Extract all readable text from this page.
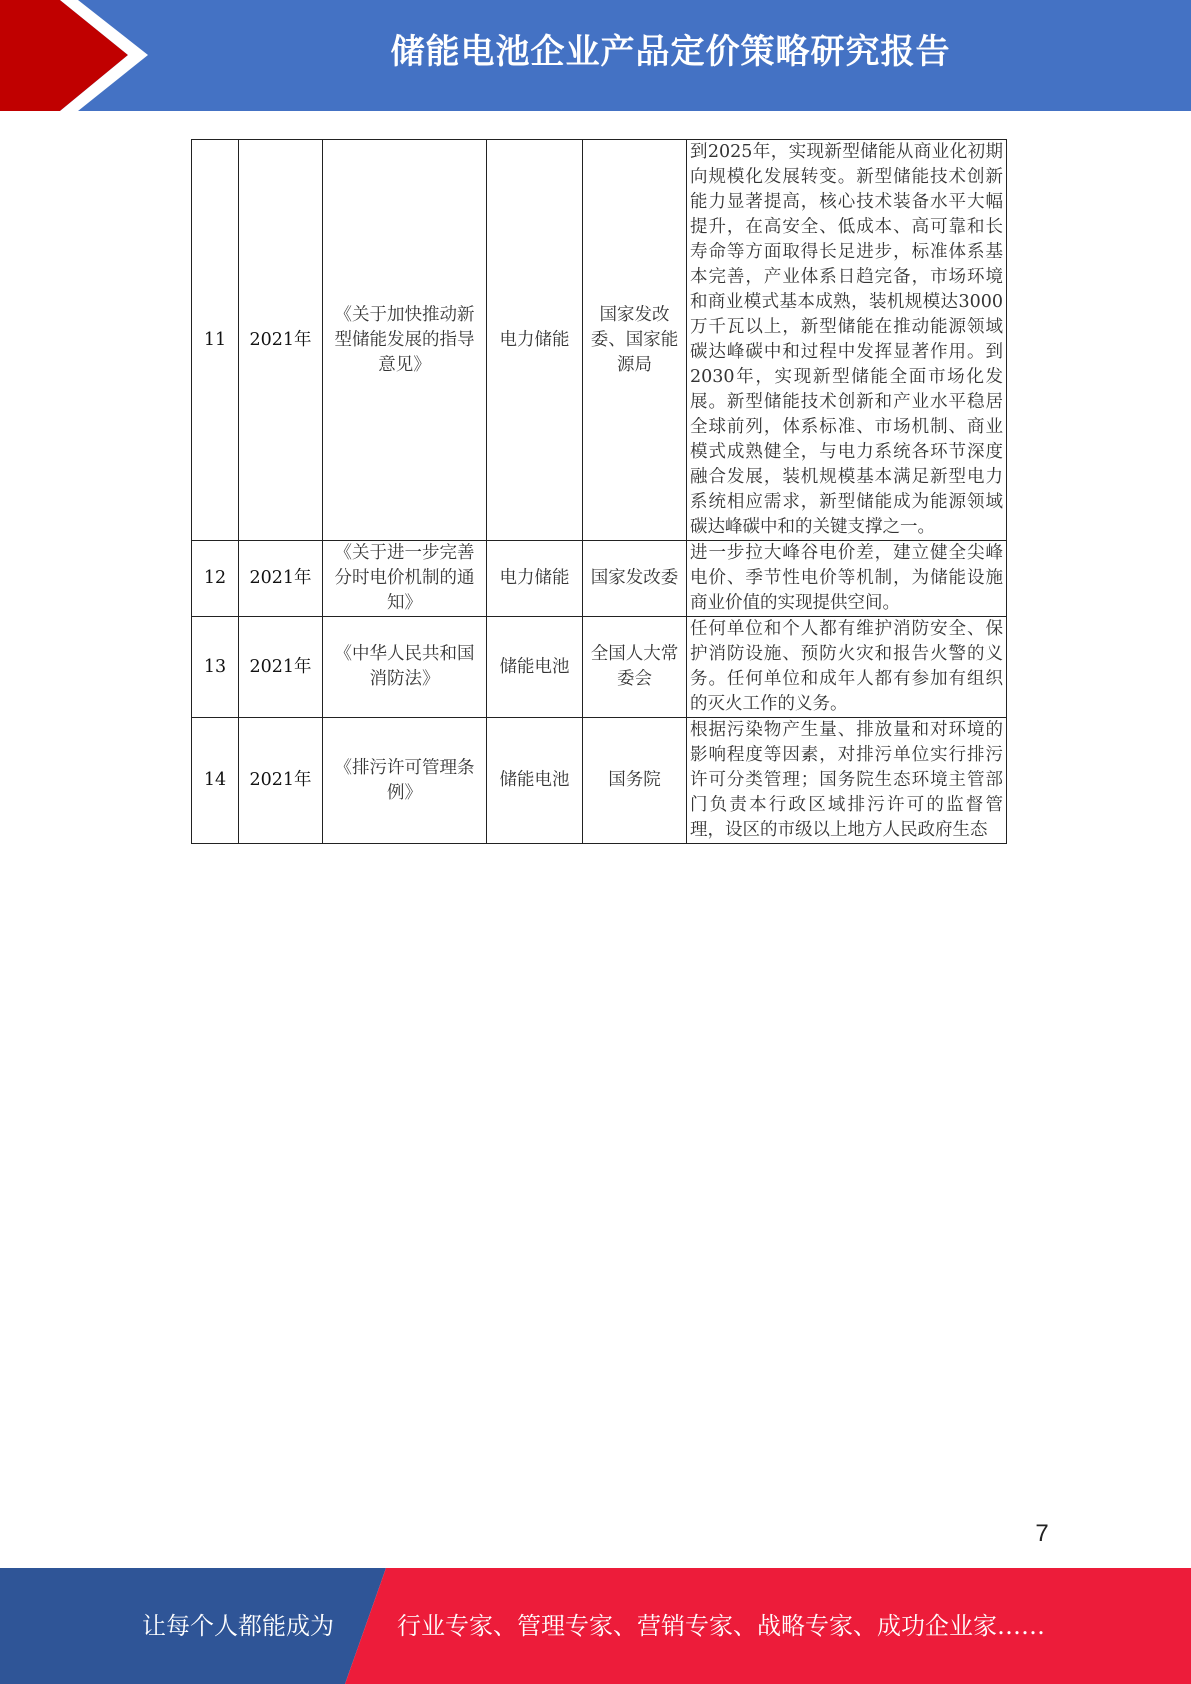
储能电池企业产品定价策略研究报告
11	2021年	《关于加快推动新型储能发展的指导意见》	电力储能	国家发改委、国家能源局	到2025年，实现新型储能从商业化初期向规模化发展转变。新型储能技术创新能力显著提高，核心技术装备水平大幅提升，在高安全、低成本、高可靠和长寿命等方面取得长足进步，标准体系基本完善，产业体系日趋完备，市场环境和商业模式基本成熟，装机规模达3000万千瓦以上，新型储能在推动能源领域碳达峰碳中和过程中发挥显著作用。到2030年，实现新型储能全面市场化发展。新型储能技术创新和产业水平稳居全球前列，体系标准、市场机制、商业模式成熟健全，与电力系统各环节深度融合发展，装机规模基本满足新型电力系统相应需求，新型储能成为能源领域碳达峰碳中和的关键支撑之一。
12	2021年	《关于进一步完善分时电价机制的通知》	电力储能	国家发改委	进一步拉大峰谷电价差，建立健全尖峰电价、季节性电价等机制，为储能设施商业价值的实现提供空间。
13	2021年	《中华人民共和国消防法》	储能电池	全国人大常委会	任何单位和个人都有维护消防安全、保护消防设施、预防火灾和报告火警的义务。任何单位和成年人都有参加有组织的灭火工作的义务。
14	2021年	《排污许可管理条例》	储能电池	国务院	根据污染物产生量、排放量和对环境的影响程度等因素，对排污单位实行排污许可分类管理；国务院生态环境主管部门负责本行政区域排污许可的监督管理，设区的市级以上地方人民政府生态
7
让每个人都能成为	行业专家、管理专家、营销专家、战略专家、成功企业家……
